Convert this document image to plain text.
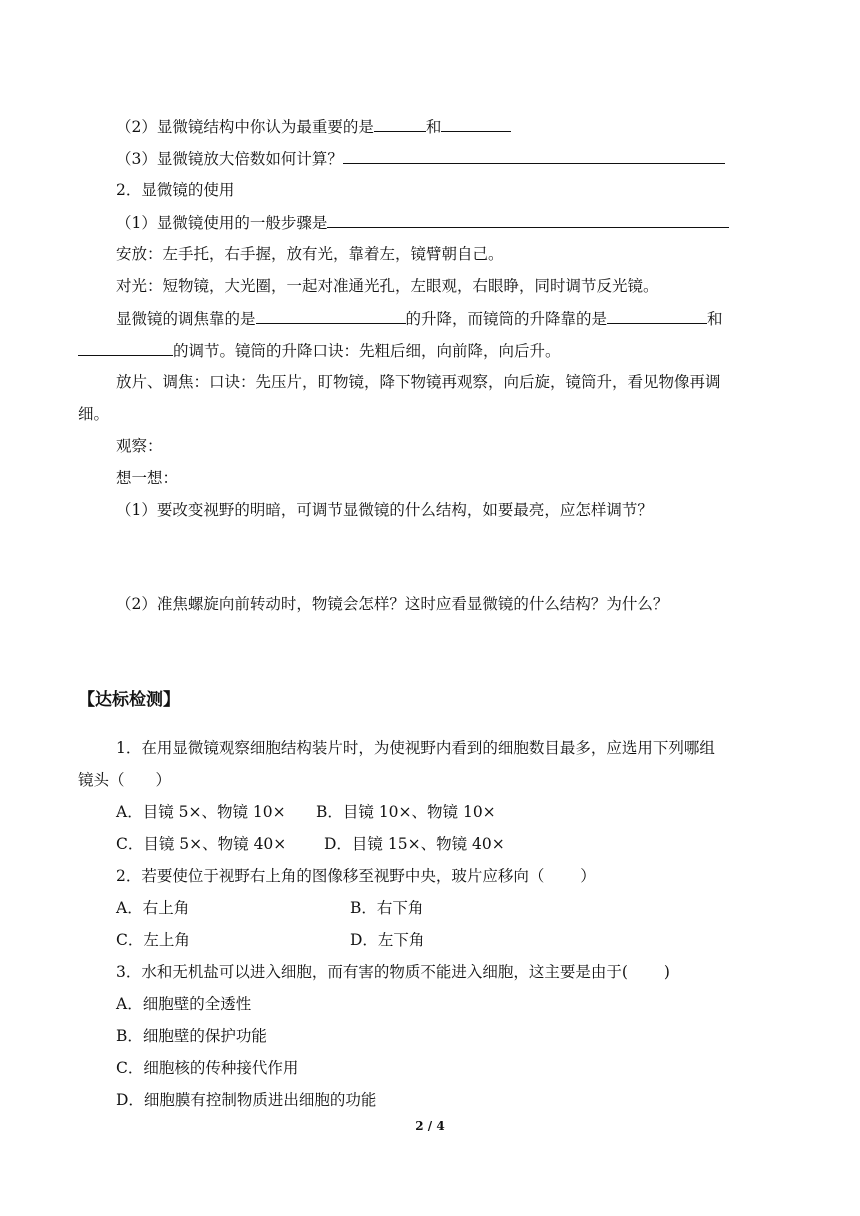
（2）显微镜结构中你认为最重要的是	和
（3）显微镜放大倍数如何计算？
2．显微镜的使用
（1）显微镜使用的一般步骤是
安放：左手托，右手握，放有光，靠着左，镜臂朝自己。
对光：短物镜，大光圈，一起对准通光孔，左眼观，右眼睁，同时调节反光镜。
显微镜的调焦靠的是	的升降，而镜筒的升降靠的是	和
的调节。镜筒的升降口诀：先粗后细，向前降，向后升。
放片、调焦：口诀：先压片，盯物镜，降下物镜再观察，向后旋，镜筒升，看见物像再调
细。
观察：
想一想：
（1）要改变视野的明暗，可调节显微镜的什么结构，如要最亮，应怎样调节？
（2）准焦螺旋向前转动时，物镜会怎样？这时应看显微镜的什么结构？为什么？
【达标检测】
1．在用显微镜观察细胞结构装片时，为使视野内看到的细胞数目最多，应选用下列哪组
镜头（　　）
A．目镜 5×、物镜 10× B．目镜 10×、物镜 10×
C．目镜 5×、物镜 40× D．目镜 15×、物镜 40×
2．若要使位于视野右上角的图像移至视野中央，玻片应移向（　　 ）
A．右上角	B．右下角
C．左上角	D．左下角
3．水和无机盐可以进入细胞，而有害的物质不能进入细胞，这主要是由于(　　 )
A．细胞壁的全透性
B．细胞壁的保护功能
C．细胞核的传种接代作用
D．细胞膜有控制物质进出细胞的功能
2 / 4
